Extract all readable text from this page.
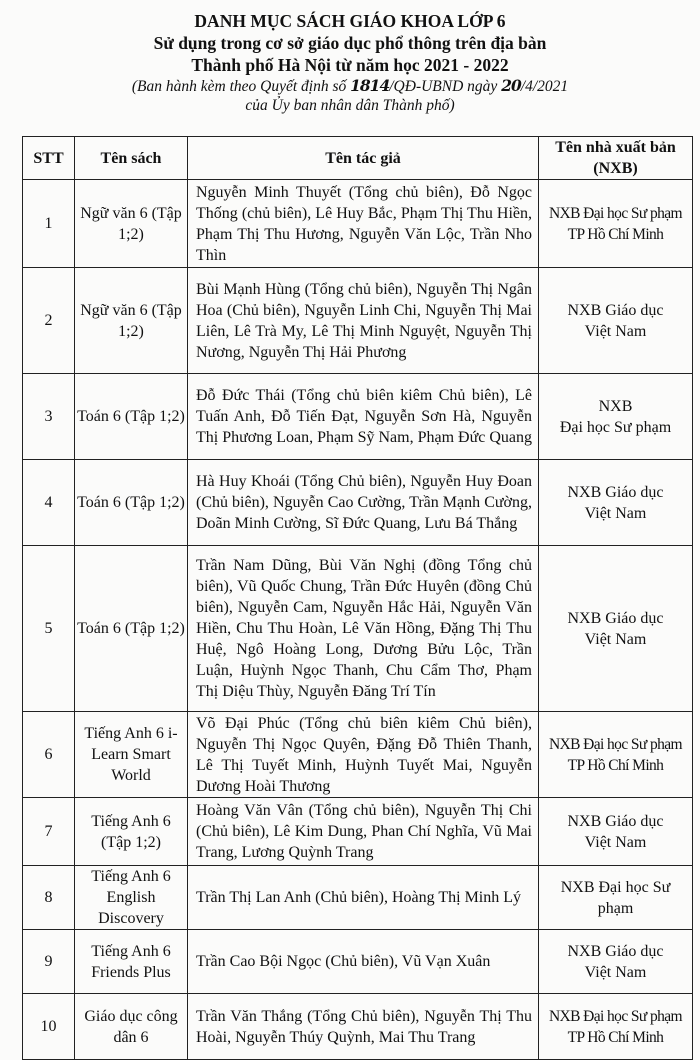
DANH MỤC SÁCH GIÁO KHOA LỚP 6
Sử dụng trong cơ sở giáo dục phổ thông trên địa bàn
Thành phố Hà Nội từ năm học 2021 - 2022
(Ban hành kèm theo Quyết định số 1814/QĐ-UBND ngày 20/4/2021
của Ủy ban nhân dân Thành phố)
STT	Tên sách	Tên tác giả	Tên nhà xuất bản (NXB)
1	Ngữ văn 6 (Tập 1;2)	Nguyễn Minh Thuyết (Tổng chủ biên), Đỗ Ngọc Thống (chủ biên), Lê Huy Bắc, Phạm Thị Thu Hiền, Phạm Thị Thu Hương, Nguyễn Văn Lộc, Trần Nho Thìn	NXB Đại học Sư phạm
TP Hồ Chí Minh

2	Ngữ văn 6 (Tập 1;2)	Bùi Mạnh Hùng (Tổng chủ biên), Nguyễn Thị Ngân Hoa (Chủ biên), Nguyễn Linh Chi, Nguyễn Thị Mai Liên, Lê Trà My, Lê Thị Minh Nguyệt, Nguyễn Thị Nương, Nguyễn Thị Hải Phương	NXB Giáo dục
Việt Nam

3	Toán 6 (Tập 1;2)	Đỗ Đức Thái (Tổng chủ biên kiêm Chủ biên), Lê Tuấn Anh, Đỗ Tiến Đạt, Nguyễn Sơn Hà, Nguyễn Thị Phương Loan, Phạm Sỹ Nam, Phạm Đức Quang	NXB
Đại học Sư phạm

4	Toán 6 (Tập 1;2)	Hà Huy Khoái (Tổng Chủ biên), Nguyễn Huy Đoan (Chủ biên), Nguyễn Cao Cường, Trần Mạnh Cường, Doãn Minh Cường, Sĩ Đức Quang, Lưu Bá Thắng	NXB Giáo dục
Việt Nam

5	Toán 6 (Tập 1;2)	Trần Nam Dũng, Bùi Văn Nghị (đồng Tổng chủ biên), Vũ Quốc Chung, Trần Đức Huyên (đồng Chủ biên), Nguyễn Cam, Nguyễn Hắc Hải, Nguyễn Văn Hiền, Chu Thu Hoàn, Lê Văn Hồng, Đặng Thị Thu Huệ, Ngô Hoàng Long, Dương Bửu Lộc, Trần Luận, Huỳnh Ngọc Thanh, Chu Cẩm Thơ, Phạm Thị Diệu Thùy, Nguyễn Đăng Trí Tín	NXB Giáo dục
Việt Nam

6	Tiếng Anh 6 i-Learn Smart World	Võ Đại Phúc (Tổng chủ biên kiêm Chủ biên), Nguyễn Thị Ngọc Quyên, Đặng Đỗ Thiên Thanh, Lê Thị Tuyết Minh, Huỳnh Tuyết Mai, Nguyễn Dương Hoài Thương	NXB Đại học Sư phạm
TP Hồ Chí Minh

7	Tiếng Anh 6 (Tập 1;2)	Hoàng Văn Vân (Tổng chủ biên), Nguyễn Thị Chi (Chủ biên), Lê Kim Dung, Phan Chí Nghĩa, Vũ Mai Trang, Lương Quỳnh Trang	NXB Giáo dục
Việt Nam

8	Tiếng Anh 6 English Discovery	Trần Thị Lan Anh (Chủ biên), Hoàng Thị Minh Lý	NXB Đại học Sư
phạm

9	Tiếng Anh 6 Friends Plus	Trần Cao Bội Ngọc (Chủ biên), Vũ Vạn Xuân	NXB Giáo dục
Việt Nam

10	Giáo dục công dân 6	Trần Văn Thắng (Tổng Chủ biên), Nguyễn Thị Thu Hoài, Nguyễn Thúy Quỳnh, Mai Thu Trang	NXB Đại học Sư phạm
TP Hồ Chí Minh
